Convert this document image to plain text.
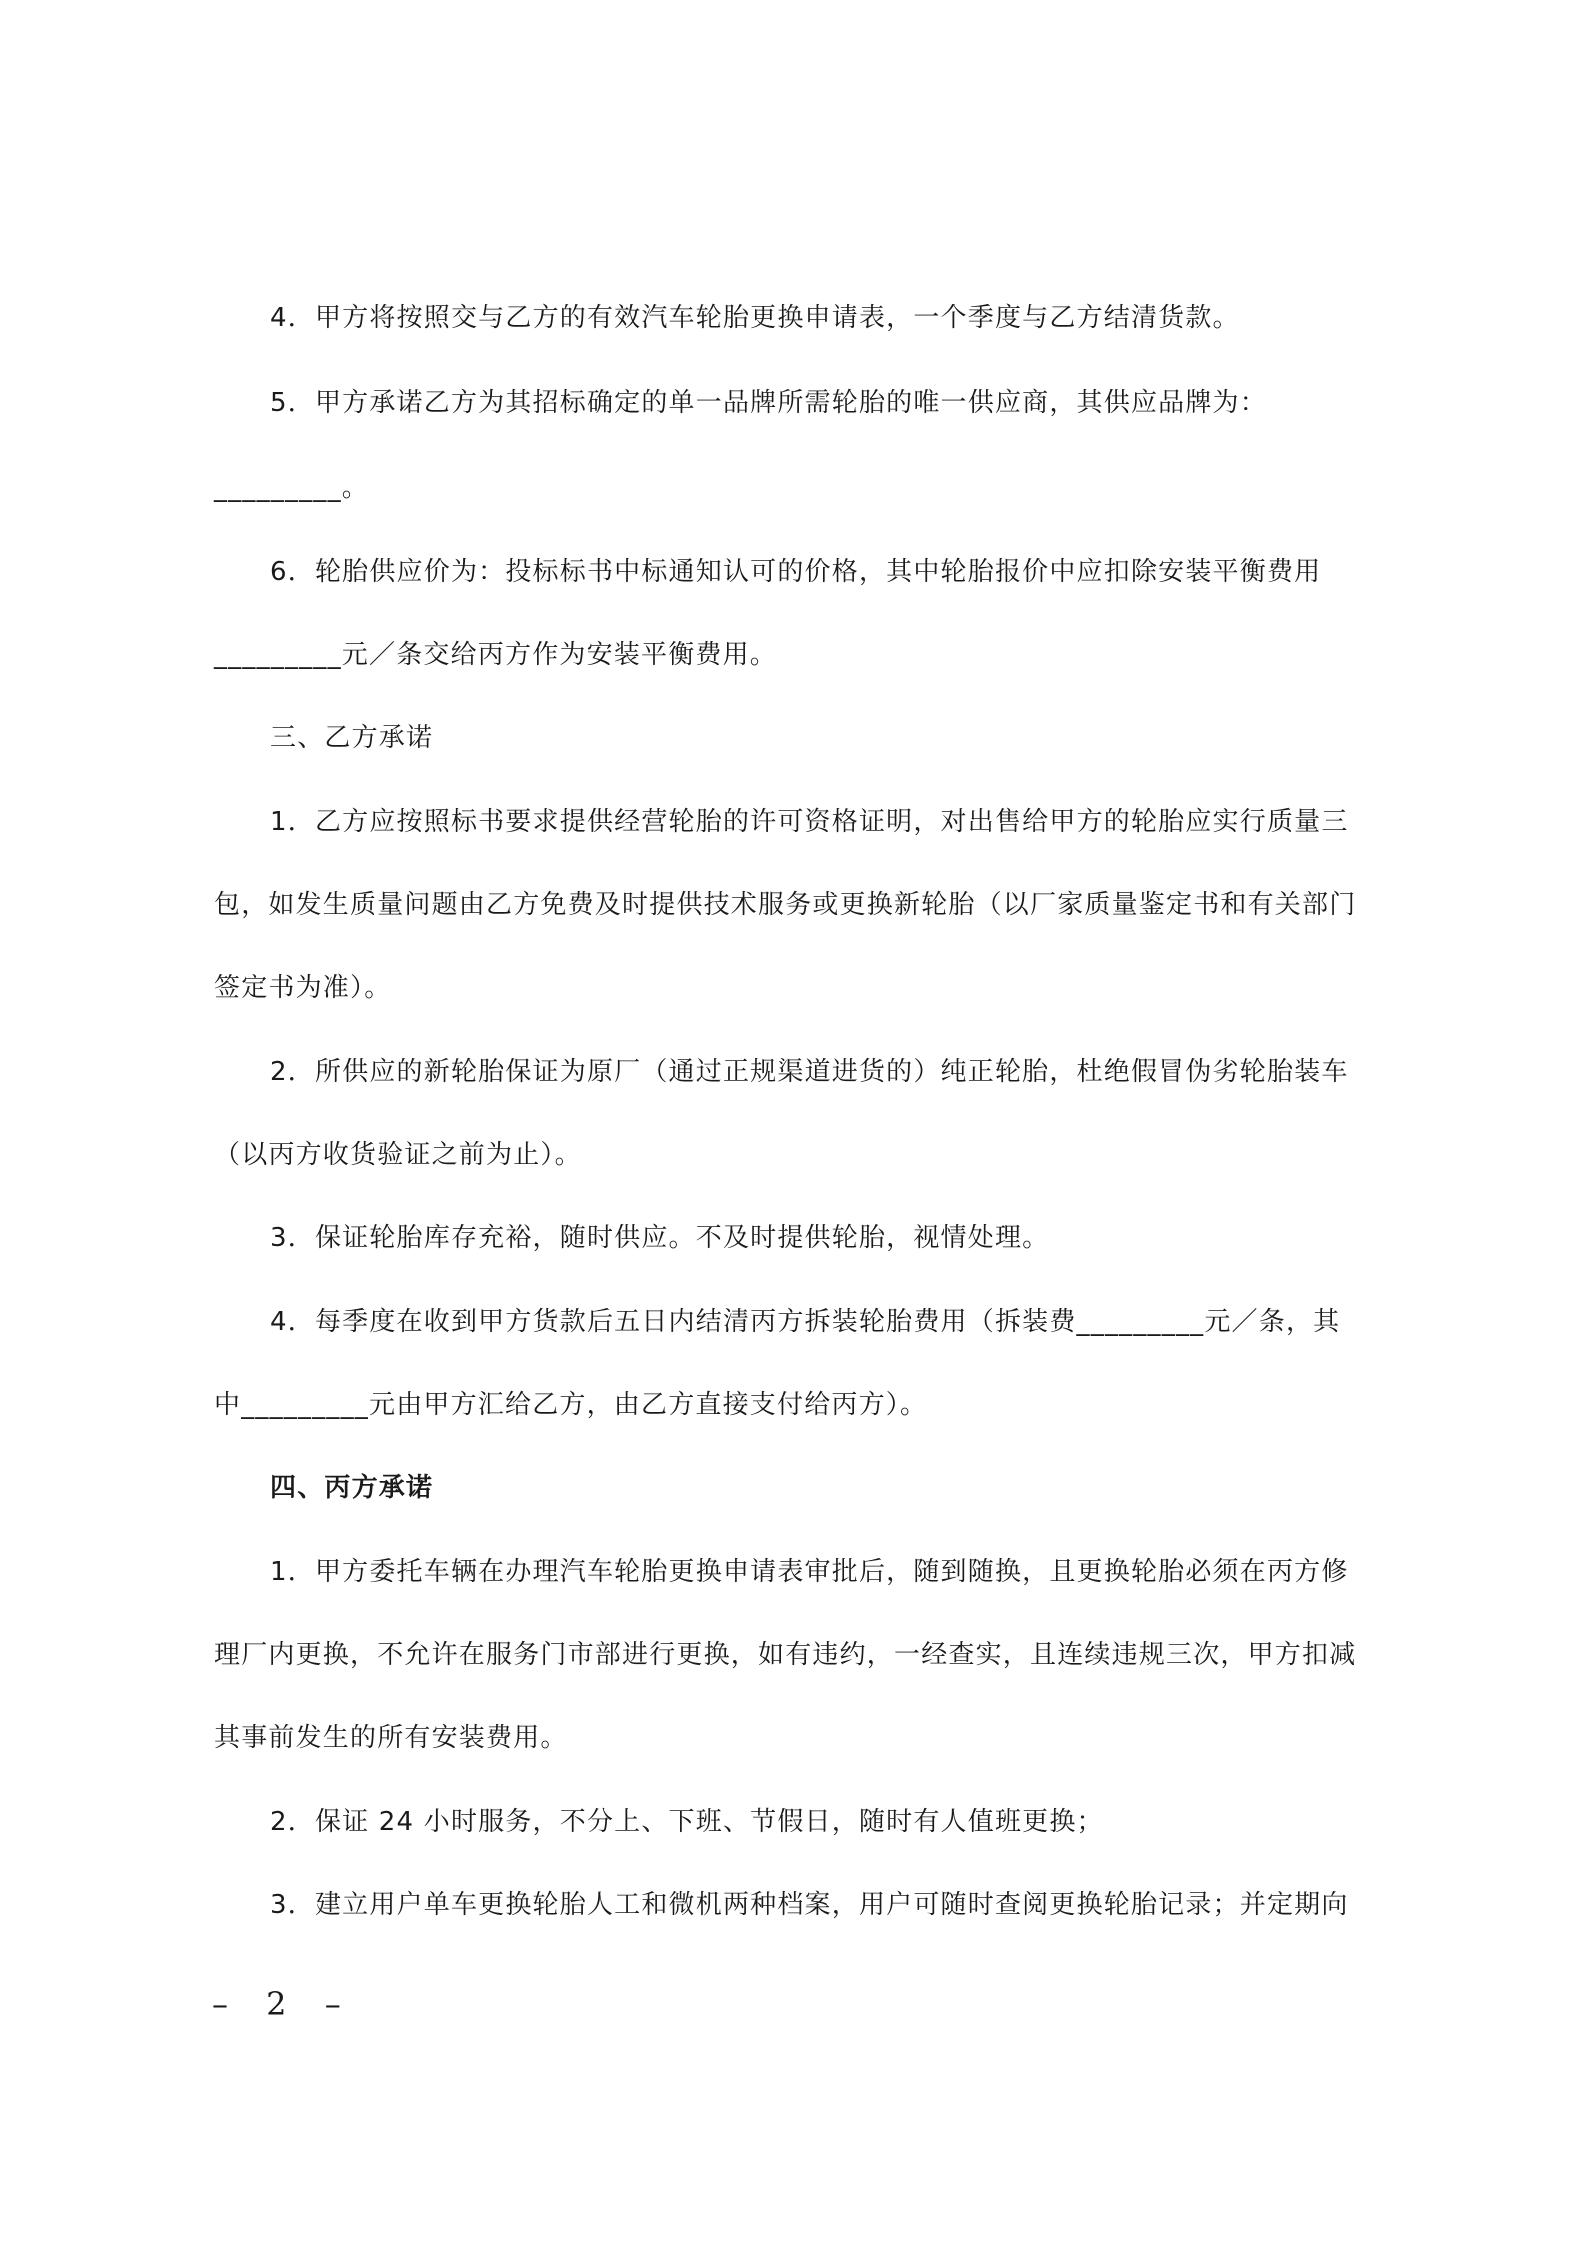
4．甲方将按照交与乙方的有效汽车轮胎更换申请表，一个季度与乙方结清货款。
5．甲方承诺乙方为其招标确定的单一品牌所需轮胎的唯一供应商，其供应品牌为：
_________。
6．轮胎供应价为：投标标书中标通知认可的价格，其中轮胎报价中应扣除安装平衡费用
_________元／条交给丙方作为安装平衡费用。
三、乙方承诺
1．乙方应按照标书要求提供经营轮胎的许可资格证明，对出售给甲方的轮胎应实行质量三
包，如发生质量问题由乙方免费及时提供技术服务或更换新轮胎（以厂家质量鉴定书和有关部门
签定书为准）。
2．所供应的新轮胎保证为原厂（通过正规渠道进货的）纯正轮胎，杜绝假冒伪劣轮胎装车
（以丙方收货验证之前为止）。
3．保证轮胎库存充裕，随时供应。不及时提供轮胎，视情处理。
4．每季度在收到甲方货款后五日内结清丙方拆装轮胎费用（拆装费_________元／条，其
中_________元由甲方汇给乙方，由乙方直接支付给丙方）。
四、丙方承诺
1．甲方委托车辆在办理汽车轮胎更换申请表审批后，随到随换，且更换轮胎必须在丙方修
理厂内更换，不允许在服务门市部进行更换，如有违约，一经查实，且连续违规三次，甲方扣减
其事前发生的所有安装费用。
2．保证 24 小时服务，不分上、下班、节假日，随时有人值班更换；
3．建立用户单车更换轮胎人工和微机两种档案，用户可随时查阅更换轮胎记录；并定期向
– 2 –
